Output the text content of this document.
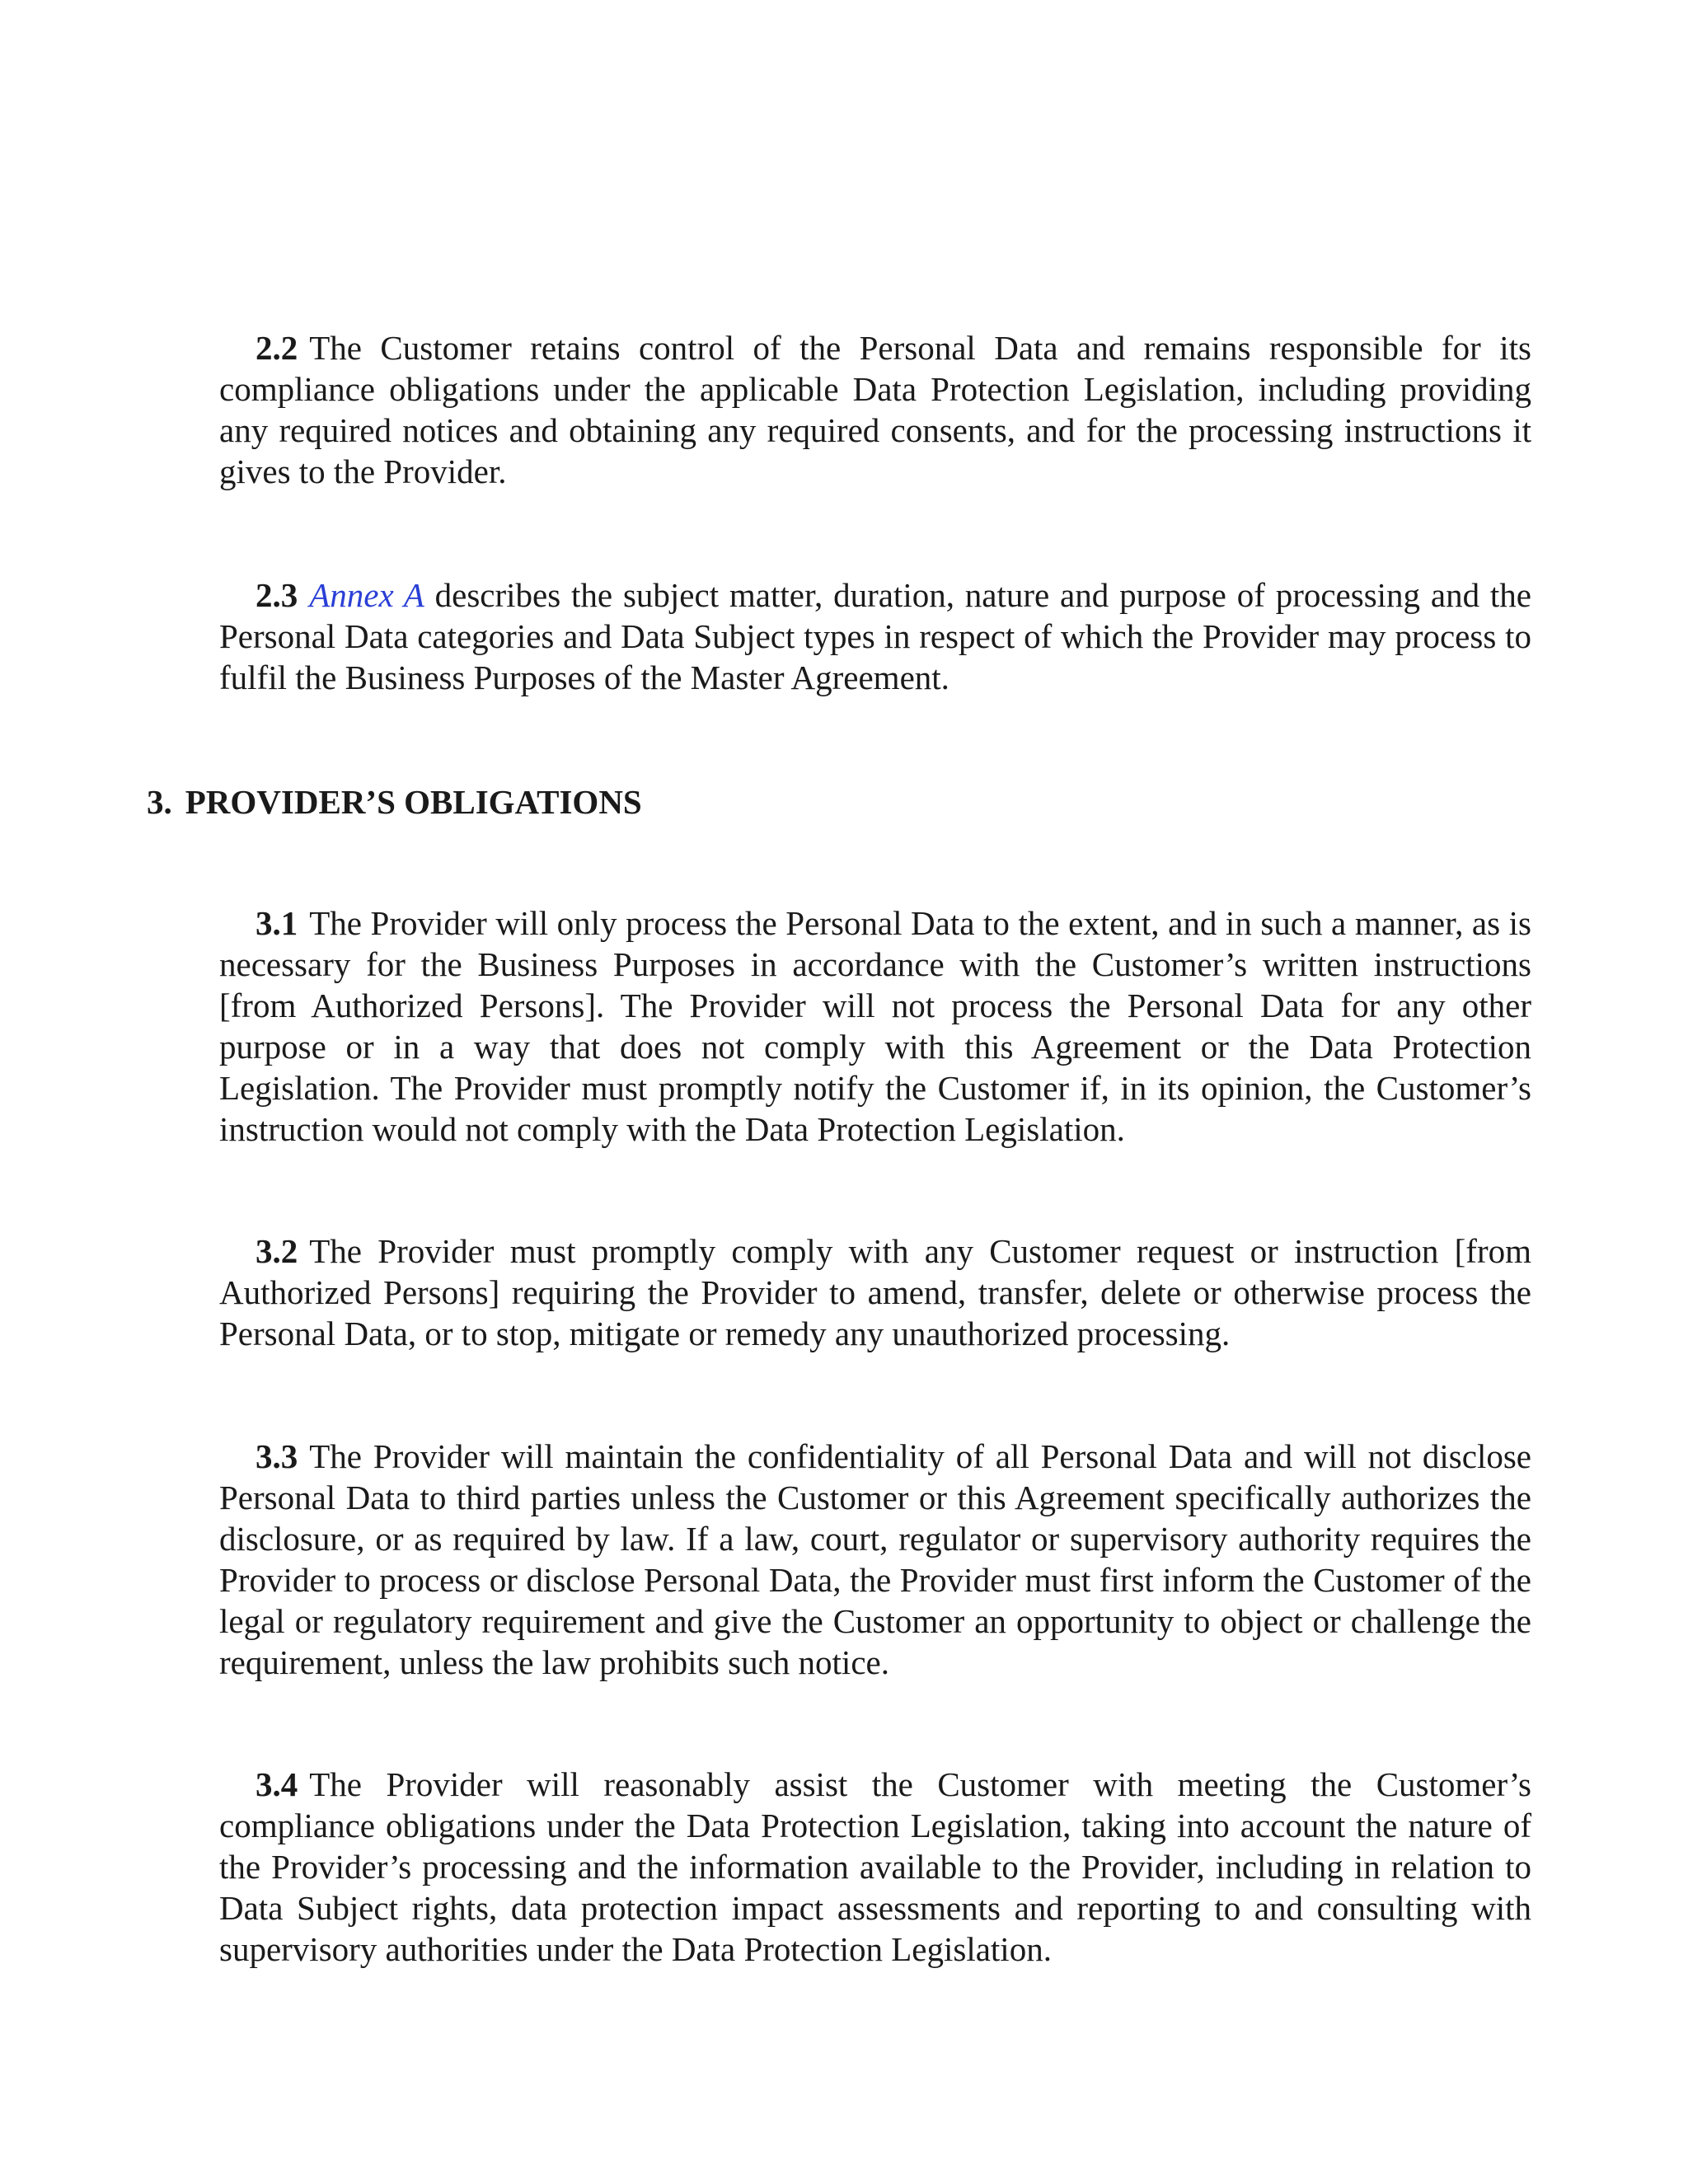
2.2 The Customer retains control of the Personal Data and remains responsible for its compliance obligations under the applicable Data Protection Legislation, including providing any required notices and obtaining any required consents, and for the processing instructions it gives to the Provider.

2.3 Annex A describes the subject matter, duration, nature and purpose of processing and the Personal Data categories and Data Subject types in respect of which the Provider may process to fulfil the Business Purposes of the Master Agreement.

3. PROVIDER’S OBLIGATIONS

3.1 The Provider will only process the Personal Data to the extent, and in such a manner, as is necessary for the Business Purposes in accordance with the Customer’s written instructions [from Authorized Persons]. The Provider will not process the Personal Data for any other purpose or in a way that does not comply with this Agreement or the Data Protection Legislation. The Provider must promptly notify the Customer if, in its opinion, the Customer’s instruction would not comply with the Data Protection Legislation.

3.2 The Provider must promptly comply with any Customer request or instruction [from Authorized Persons] requiring the Provider to amend, transfer, delete or otherwise process the Personal Data, or to stop, mitigate or remedy any unauthorized processing.

3.3 The Provider will maintain the confidentiality of all Personal Data and will not disclose Personal Data to third parties unless the Customer or this Agreement specifically authorizes the disclosure, or as required by law. If a law, court, regulator or supervisory authority requires the Provider to process or disclose Personal Data, the Provider must first inform the Customer of the legal or regulatory requirement and give the Customer an opportunity to object or challenge the requirement, unless the law prohibits such notice.

3.4 The Provider will reasonably assist the Customer with meeting the Customer’s compliance obligations under the Data Protection Legislation, taking into account the nature of the Provider’s processing and the information available to the Provider, including in relation to Data Subject rights, data protection impact assessments and reporting to and consulting with supervisory authorities under the Data Protection Legislation.
